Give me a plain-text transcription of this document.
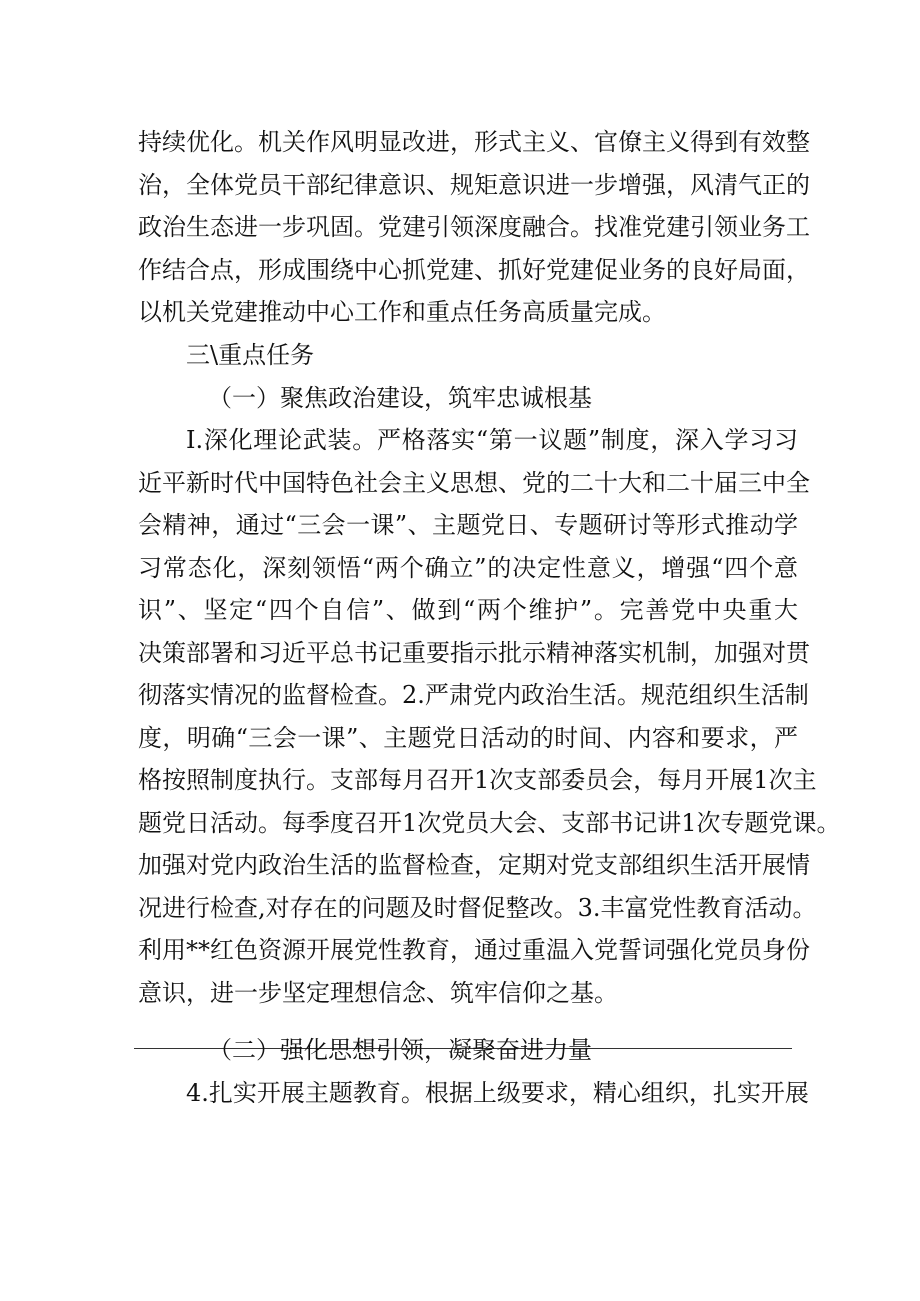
持续优化。机关作风明显改进，形式主义、官僚主义得到有效整
治，全体党员干部纪律意识、规矩意识进一步增强，风清气正的
政治生态进一步巩固。党建引领深度融合。找准党建引领业务工
作结合点，形成围绕中心抓党建、抓好党建促业务的良好局面，
以机关党建推动中心工作和重点任务高质量完成。
三\重点任务
（一）聚焦政治建设，筑牢忠诚根基
I.深化理论武装。严格落实“第一议题”制度，深入学习习
近平新时代中国特色社会主义思想、党的二十大和二十届三中全
会精神，通过“三会一课”、主题党日、专题研讨等形式推动学
习常态化，深刻领悟“两个确立”的决定性意义，增强“四个意
识”、坚定“四个自信”、做到“两个维护”。完善党中央重大
决策部署和习近平总书记重要指示批示精神落实机制，加强对贯
彻落实情况的监督检查。2.严肃党内政治生活。规范组织生活制
度，明确“三会一课”、主题党日活动的时间、内容和要求，严
格按照制度执行。支部每月召开1次支部委员会，每月开展1次主
题党日活动。每季度召开1次党员大会、支部书记讲1次专题党课。
加强对党内政治生活的监督检查，定期对党支部组织生活开展情
况进行检查,对存在的问题及时督促整改。3.丰富党性教育活动。
利用**红色资源开展党性教育，通过重温入党誓词强化党员身份
意识，进一步坚定理想信念、筑牢信仰之基。
（二）强化思想引领，凝聚奋进力量
4.扎实开展主题教育。根据上级要求，精心组织，扎实开展
